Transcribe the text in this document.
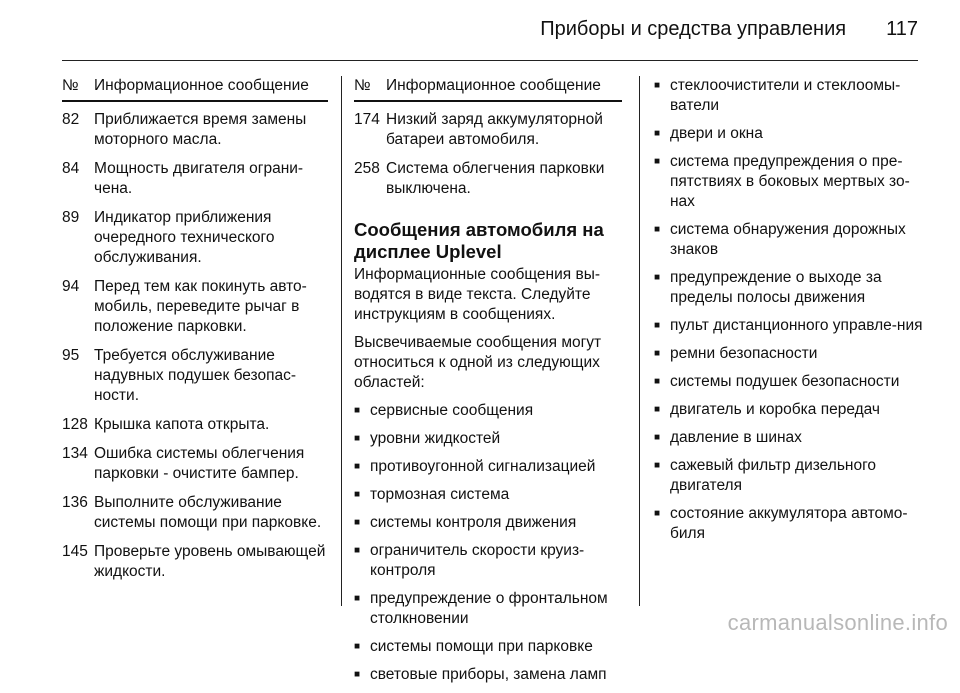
Приборы и средства управления 117
№ Информационное сообщение
82 Приближается время замены моторного масла.
84 Мощность двигателя ограни-чена.
89 Индикатор приближения очередного технического обслуживания.
94 Перед тем как покинуть авто-мобиль, переведите рычаг в положение парковки.
95 Требуется обслуживание надувных подушек безопас-ности.
128 Крышка капота открыта.
134 Ошибка системы облегчения парковки - очистите бампер.
136 Выполните обслуживание системы помощи при парковке.
145 Проверьте уровень омывающей жидкости.
№ Информационное сообщение
174 Низкий заряд аккумуляторной батареи автомобиля.
258 Система облегчения парковки выключена.
Сообщения автомобиля на дисплее Uplevel

Информационные сообщения вы-водятся в виде текста. Следуйте инструкциям в сообщениях.

Высвечиваемые сообщения могут относиться к одной из следующих областей:

■ сервисные сообщения
■ уровни жидкостей
■ противоугонной сигнализацией
■ тормозная система
■ системы контроля движения
■ ограничитель скорости круиз-контроля
■ предупреждение о фронтальном столкновении
■ системы помощи при парковке
■ световые приборы, замена ламп
■ стеклоочистители и стеклоомы-ватели
■ двери и окна
■ система предупреждения о пре-пятствиях в боковых мертвых зо-нах
■ система обнаружения дорожных знаков
■ предупреждение о выходе за пределы полосы движения
■ пульт дистанционного управле-ния
■ ремни безопасности
■ системы подушек безопасности
■ двигатель и коробка передач
■ давление в шинах
■ сажевый фильтр дизельного двигателя
■ состояние аккумулятора автомо-биля
carmanualsonline.info
